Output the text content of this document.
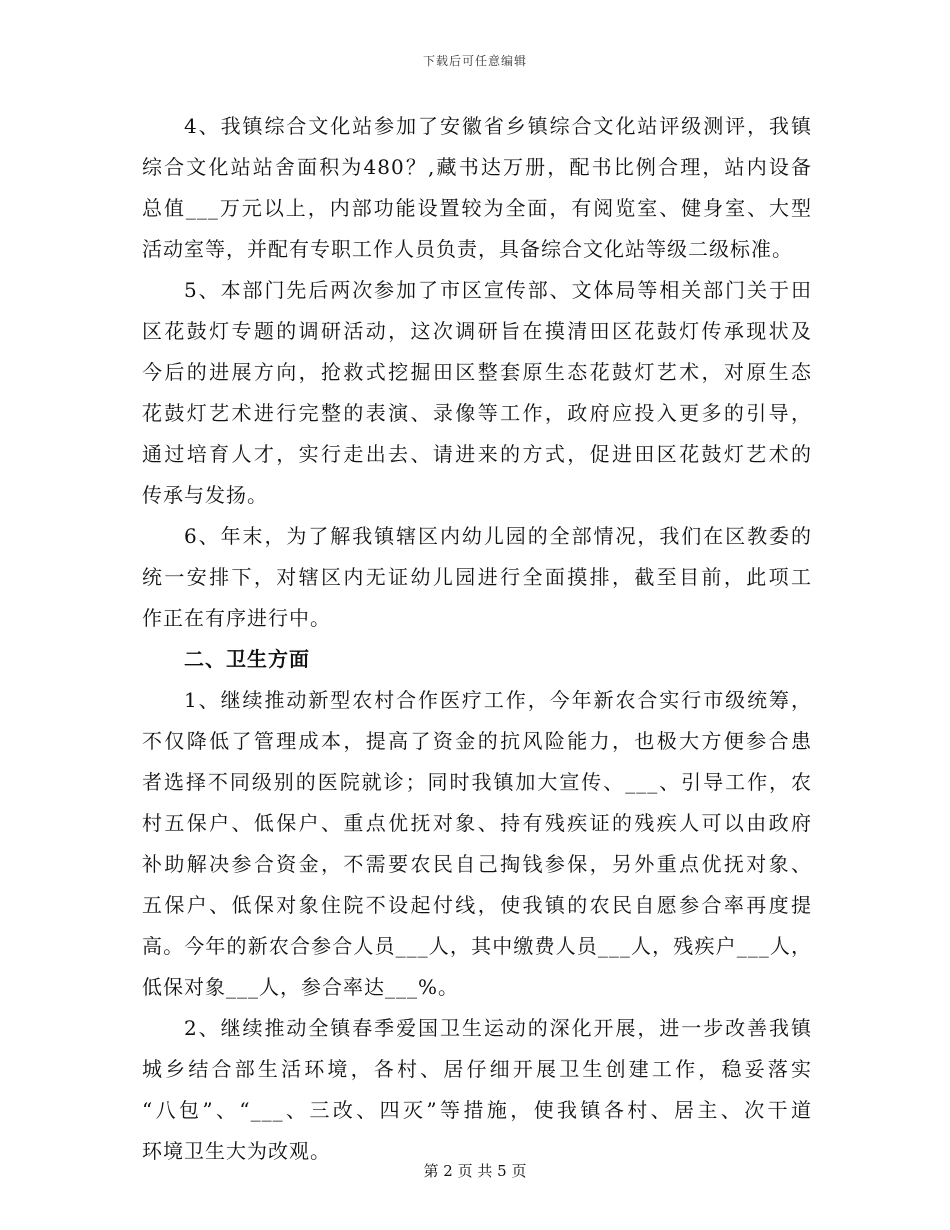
下载后可任意编辑
4、我镇综合文化站参加了安徽省乡镇综合文化站评级测评，我镇
综合文化站站舍面积为480？,藏书达万册，配书比例合理，站内设备
总值___万元以上，内部功能设置较为全面，有阅览室、健身室、大型
活动室等，并配有专职工作人员负责，具备综合文化站等级二级标准。
5、本部门先后两次参加了市区宣传部、文体局等相关部门关于田
区花鼓灯专题的调研活动，这次调研旨在摸清田区花鼓灯传承现状及
今后的进展方向，抢救式挖掘田区整套原生态花鼓灯艺术，对原生态
花鼓灯艺术进行完整的表演、录像等工作，政府应投入更多的引导，
通过培育人才，实行走出去、请进来的方式，促进田区花鼓灯艺术的
传承与发扬。
6、年末，为了解我镇辖区内幼儿园的全部情况，我们在区教委的
统一安排下，对辖区内无证幼儿园进行全面摸排，截至目前，此项工
作正在有序进行中。
二、卫生方面
1、继续推动新型农村合作医疗工作，今年新农合实行市级统筹，
不仅降低了管理成本，提高了资金的抗风险能力，也极大方便参合患
者选择不同级别的医院就诊；同时我镇加大宣传、___、引导工作，农
村五保户、低保户、重点优抚对象、持有残疾证的残疾人可以由政府
补助解决参合资金，不需要农民自己掏钱参保，另外重点优抚对象、
五保户、低保对象住院不设起付线，使我镇的农民自愿参合率再度提
高。今年的新农合参合人员___人，其中缴费人员___人，残疾户___人，
低保对象___人，参合率达___%。
2、继续推动全镇春季爱国卫生运动的深化开展，进一步改善我镇
城乡结合部生活环境，各村、居仔细开展卫生创建工作，稳妥落实
“八包”、“___、三改、四灭”等措施，使我镇各村、居主、次干道
环境卫生大为改观。
第 2 页 共 5 页
